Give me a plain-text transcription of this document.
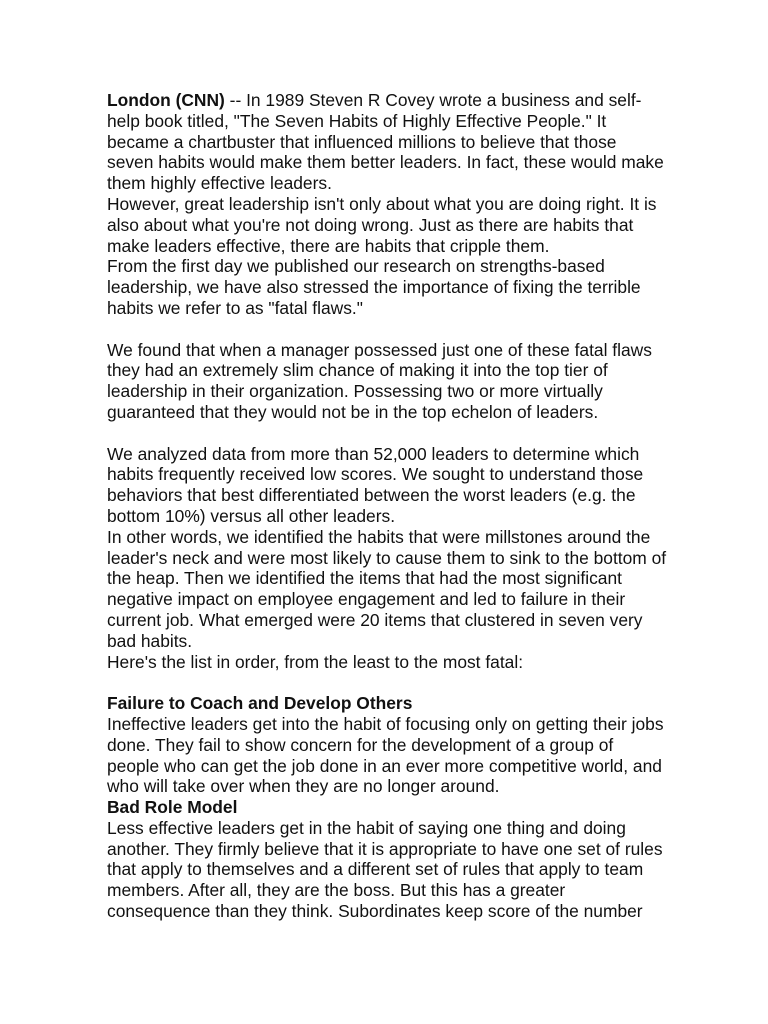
London (CNN) -- In 1989 Steven R Covey wrote a business and self-help book titled, "The Seven Habits of Highly Effective People." It became a chartbuster that influenced millions to believe that those seven habits would make them better leaders. In fact, these would make them highly effective leaders.

However, great leadership isn't only about what you are doing right. It is also about what you're not doing wrong. Just as there are habits that make leaders effective, there are habits that cripple them.

From the first day we published our research on strengths-based leadership, we have also stressed the importance of fixing the terrible habits we refer to as "fatal flaws."

We found that when a manager possessed just one of these fatal flaws they had an extremely slim chance of making it into the top tier of leadership in their organization. Possessing two or more virtually guaranteed that they would not be in the top echelon of leaders.

We analyzed data from more than 52,000 leaders to determine which habits frequently received low scores. We sought to understand those behaviors that best differentiated between the worst leaders (e.g. the bottom 10%) versus all other leaders.

In other words, we identified the habits that were millstones around the leader's neck and were most likely to cause them to sink to the bottom of the heap. Then we identified the items that had the most significant negative impact on employee engagement and led to failure in their current job. What emerged were 20 items that clustered in seven very bad habits.

Here's the list in order, from the least to the most fatal:

Failure to Coach and Develop Others

Ineffective leaders get into the habit of focusing only on getting their jobs done. They fail to show concern for the development of a group of people who can get the job done in an ever more competitive world, and who will take over when they are no longer around.

Bad Role Model

Less effective leaders get in the habit of saying one thing and doing another. They firmly believe that it is appropriate to have one set of rules that apply to themselves and a different set of rules that apply to team members. After all, they are the boss. But this has a greater consequence than they think. Subordinates keep score of the number
